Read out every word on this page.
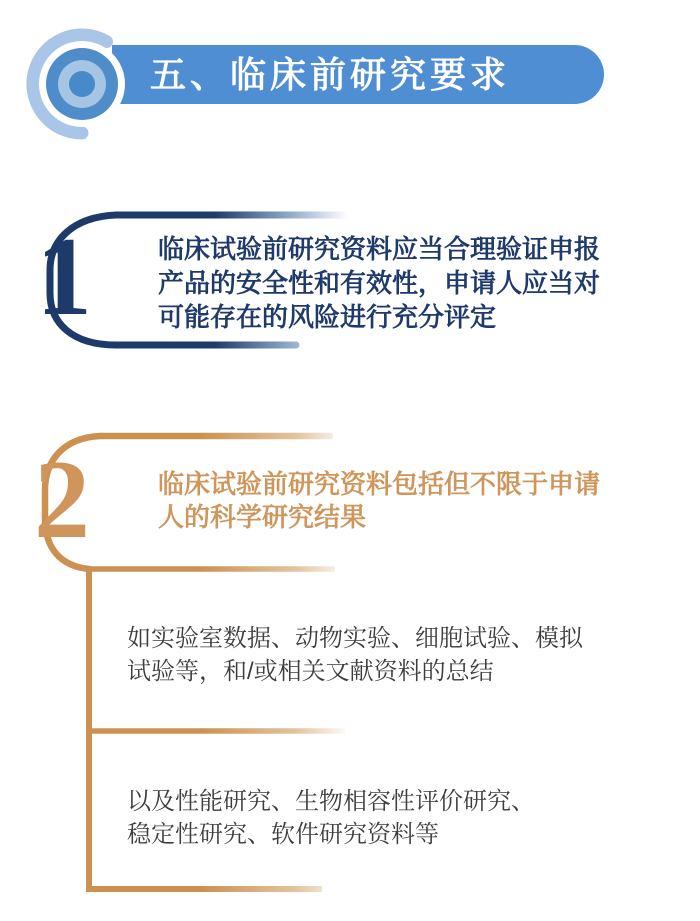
五、临床前研究要求
1	临床试验前研究资料应当合理验证申报产品的安全性和有效性，申请人应当对可能存在的风险进行充分评定
2	临床试验前研究资料包括但不限于申请人的科学研究结果
如实验室数据、动物实验、细胞试验、模拟试验等，和/或相关文献资料的总结
以及性能研究、生物相容性评价研究、稳定性研究、软件研究资料等
